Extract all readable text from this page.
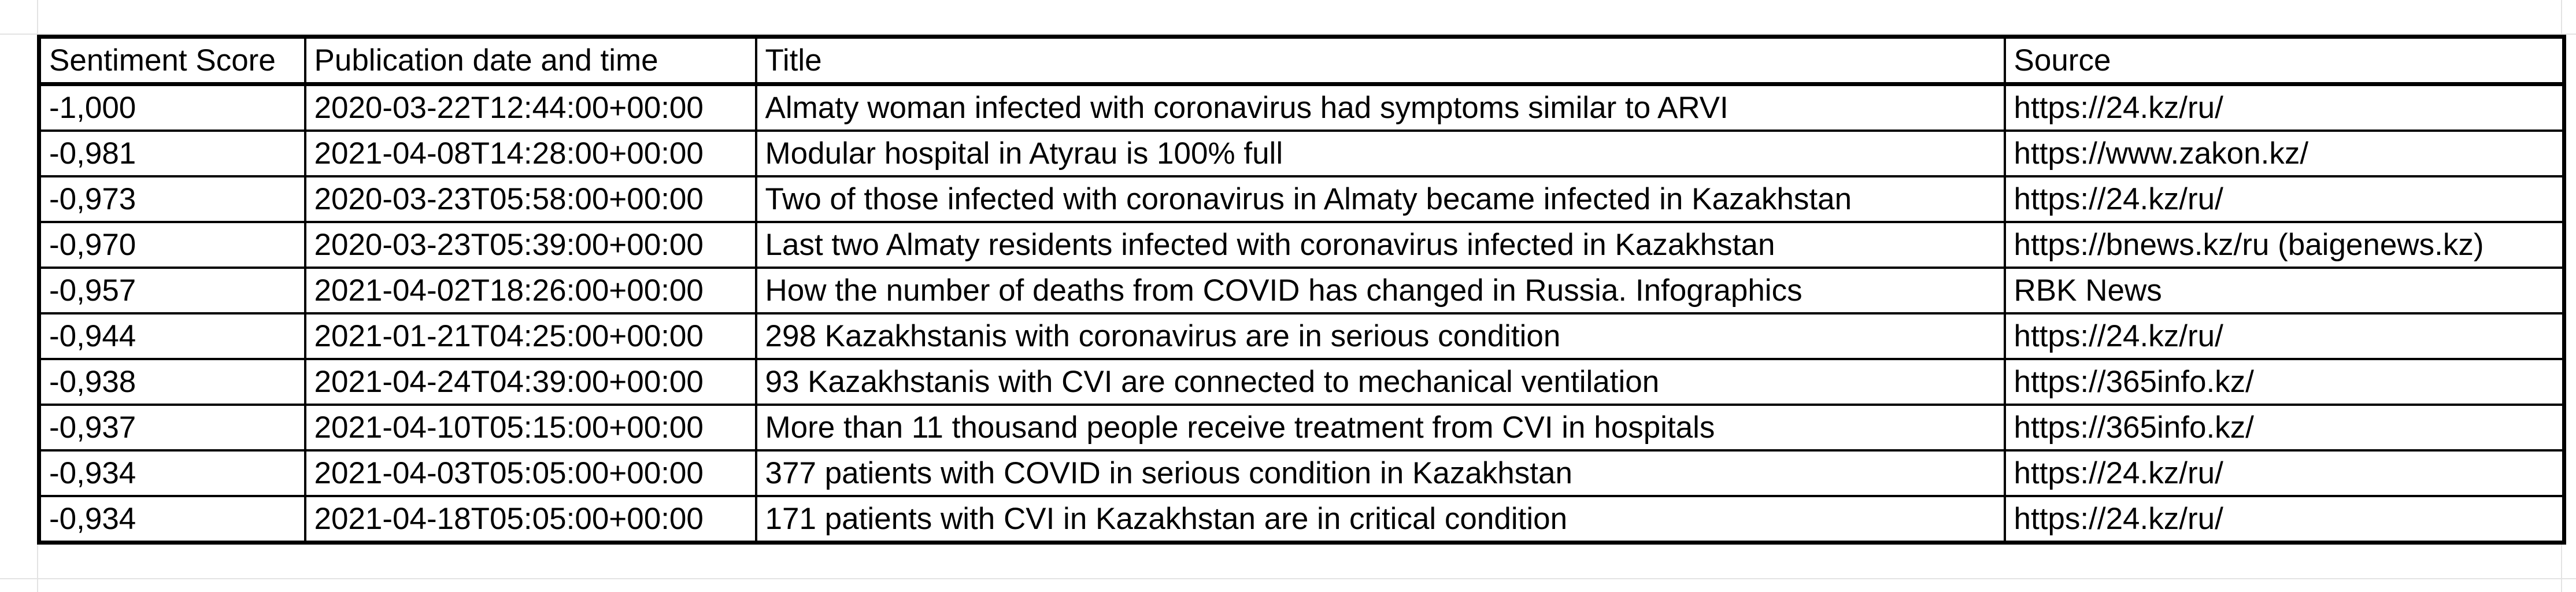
Sentiment Score	Publication date and time	Title	Source
-1,000	2020-03-22T12:44:00+00:00	Almaty woman infected with coronavirus had symptoms similar to ARVI	https://24.kz/ru/
-0,981	2021-04-08T14:28:00+00:00	Modular hospital in Atyrau is 100% full	https://www.zakon.kz/
-0,973	2020-03-23T05:58:00+00:00	Two of those infected with coronavirus in Almaty became infected in Kazakhstan	https://24.kz/ru/
-0,970	2020-03-23T05:39:00+00:00	Last two Almaty residents infected with coronavirus infected in Kazakhstan	https://bnews.kz/ru (baigenews.kz)
-0,957	2021-04-02T18:26:00+00:00	How the number of deaths from COVID has changed in Russia. Infographics	RBK News
-0,944	2021-01-21T04:25:00+00:00	298 Kazakhstanis with coronavirus are in serious condition	https://24.kz/ru/
-0,938	2021-04-24T04:39:00+00:00	93 Kazakhstanis with CVI are connected to mechanical ventilation	https://365info.kz/
-0,937	2021-04-10T05:15:00+00:00	More than 11 thousand people receive treatment from CVI in hospitals	https://365info.kz/
-0,934	2021-04-03T05:05:00+00:00	377 patients with COVID in serious condition in Kazakhstan	https://24.kz/ru/
-0,934	2021-04-18T05:05:00+00:00	171 patients with CVI in Kazakhstan are in critical condition	https://24.kz/ru/
